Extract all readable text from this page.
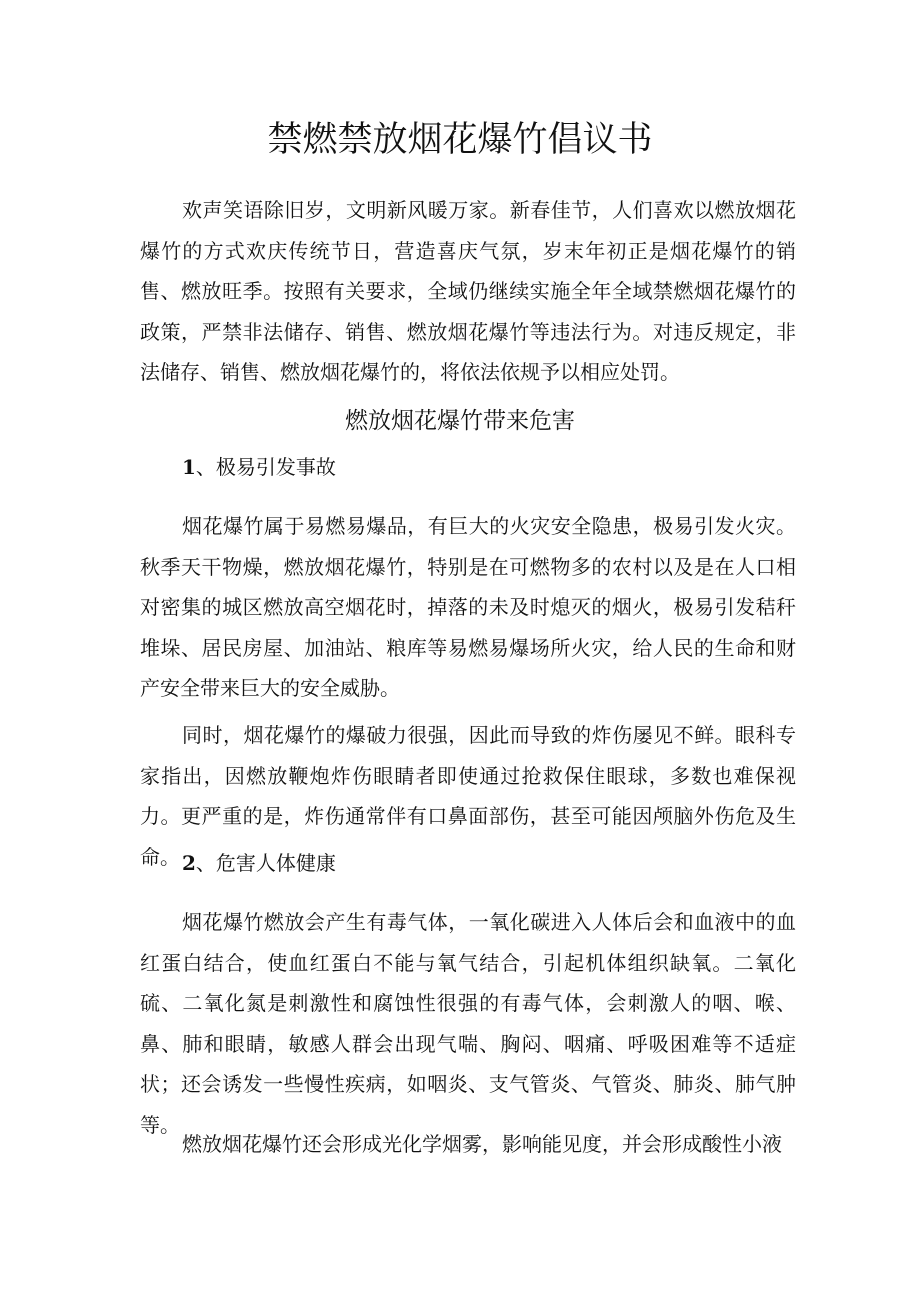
禁燃禁放烟花爆竹倡议书

欢声笑语除旧岁，文明新风暖万家。新春佳节，人们喜欢以燃放烟花爆竹的方式欢庆传统节日，营造喜庆气氛，岁末年初正是烟花爆竹的销售、燃放旺季。按照有关要求，全域仍继续实施全年全域禁燃烟花爆竹的政策，严禁非法储存、销售、燃放烟花爆竹等违法行为。对违反规定，非法储存、销售、燃放烟花爆竹的，将依法依规予以相应处罚。

燃放烟花爆竹带来危害

1、极易引发事故

烟花爆竹属于易燃易爆品，有巨大的火灾安全隐患，极易引发火灾。秋季天干物燥，燃放烟花爆竹，特别是在可燃物多的农村以及是在人口相对密集的城区燃放高空烟花时，掉落的未及时熄灭的烟火，极易引发秸秆堆垛、居民房屋、加油站、粮库等易燃易爆场所火灾，给人民的生命和财产安全带来巨大的安全威胁。

同时，烟花爆竹的爆破力很强，因此而导致的炸伤屡见不鲜。眼科专家指出，因燃放鞭炮炸伤眼睛者即使通过抢救保住眼球，多数也难保视力。更严重的是，炸伤通常伴有口鼻面部伤，甚至可能因颅脑外伤危及生命。 2、危害人体健康

烟花爆竹燃放会产生有毒气体，一氧化碳进入人体后会和血液中的血红蛋白结合，使血红蛋白不能与氧气结合，引起机体组织缺氧。二氧化硫、二氧化氮是刺激性和腐蚀性很强的有毒气体，会刺激人的咽、喉、鼻、肺和眼睛，敏感人群会出现气喘、胸闷、咽痛、呼吸困难等不适症状；还会诱发一些慢性疾病，如咽炎、支气管炎、气管炎、肺炎、肺气肿等。

燃放烟花爆竹还会形成光化学烟雾，影响能见度，并会形成酸性小液
